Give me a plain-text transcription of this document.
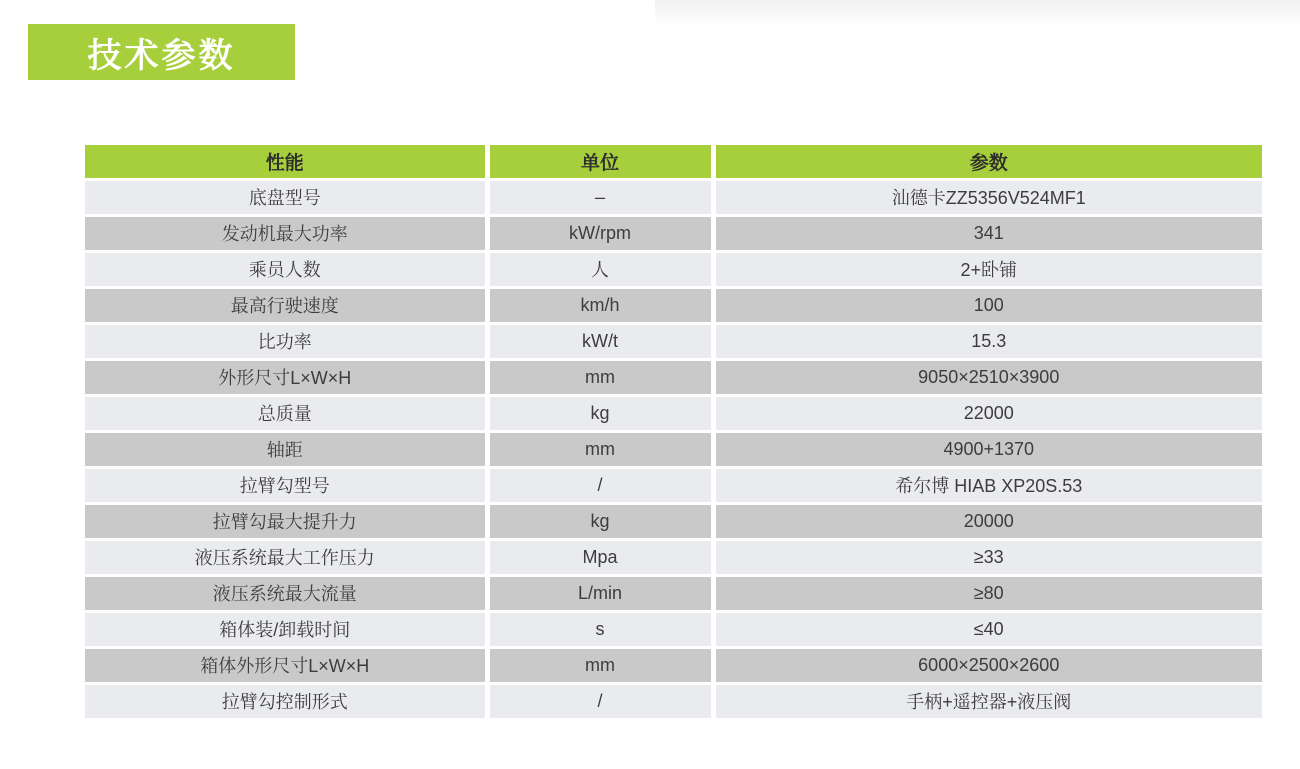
技术参数
性能	单位	参数
底盘型号	–	汕德卡ZZ5356V524MF1
发动机最大功率	kW/rpm	341
乘员人数	人	2+卧铺
最高行驶速度	km/h	100
比功率	kW/t	15.3
外形尺寸L×W×H	mm	9050×2510×3900
总质量	kg	22000
轴距	mm	4900+1370
拉臂勾型号	/	希尔博 HIAB XP20S.53
拉臂勾最大提升力	kg	20000
液压系统最大工作压力	Mpa	≥33
液压系统最大流量	L/min	≥80
箱体装/卸载时间	s	≤40
箱体外形尺寸L×W×H	mm	6000×2500×2600
拉臂勾控制形式	/	手柄+遥控器+液压阀
